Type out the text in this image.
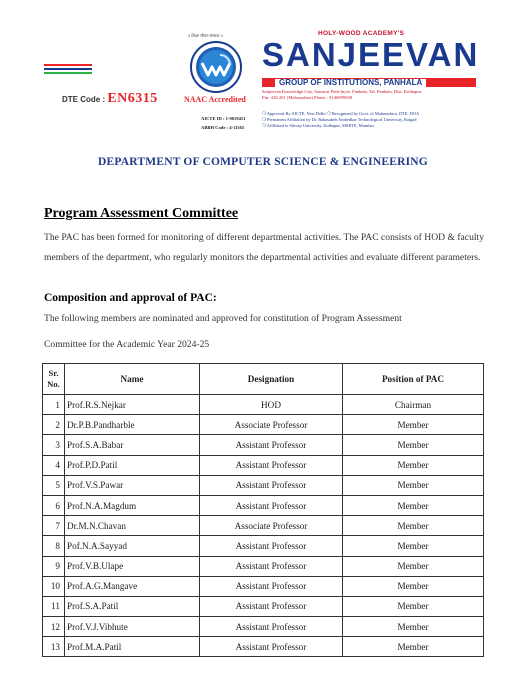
DTE Code : EN6315
॥ शिक्षा जीवन संस्कार ॥
NAAC Accredited
AICTE ID : 1-9019451
ABBH Code : 4-11565
HOLY-WOOD ACADEMY'S
SANJEEVAN
GROUP OF INSTITUTIONS, PANHALA
Sanjeevan Knowledge City, Somwar Peth-Inyle, Panhala, Tal. Panhala, Dist. Kolhapur.
Pin- 416 201 (Maharashtra) Phone : 9146999500
❍ Approved By AICTE, New Delhi ❍ Recognized by Govt. of Maharashtra, DTE, DOA
❍ Permanent Affiliation by Dr. Babasaheb Ambedkar Technological University, Raigad
❍ Affiliated to Shivaji University, Kolhapur, MSBTE, Mumbai.
DEPARTMENT OF COMPUTER SCIENCE & ENGINEERING
Program Assessment Committee
The PAC has been formed for monitoring of different departmental activities. The PAC consists of HOD & faculty members of the department, who regularly monitors the departmental activities and evaluate different parameters.
Composition and approval of PAC:
The following members are nominated and approved for constitution of Program Assessment
Committee for the Academic Year 2024-25
Sr. No.	Name	Designation	Position of PAC
1	Prof.R.S.Nejkar	HOD	Chairman
2	Dr.P.B.Pandharble	Associate Professor	Member
3	Prof.S.A.Babar	Assistant Professor	Member
4	Prof.P.D.Patil	Assistant Professor	Member
5	Prof.V.S.Pawar	Assistant Professor	Member
6	Prof.N.A.Magdum	Assistant Professor	Member
7	Dr.M.N.Chavan	Associate Professor	Member
8	Pof.N.A.Sayyad	Assistant Professor	Member
9	Prof.V.B.Ulape	Assistant Professor	Member
10	Prof.A.G.Mangave	Assistant Professor	Member
11	Prof.S.A.Patil	Assistant Professor	Member
12	Prof.V.J.Vibhute	Assistant Professor	Member
13	Prof.M.A.Patil	Assistant Professor	Member
